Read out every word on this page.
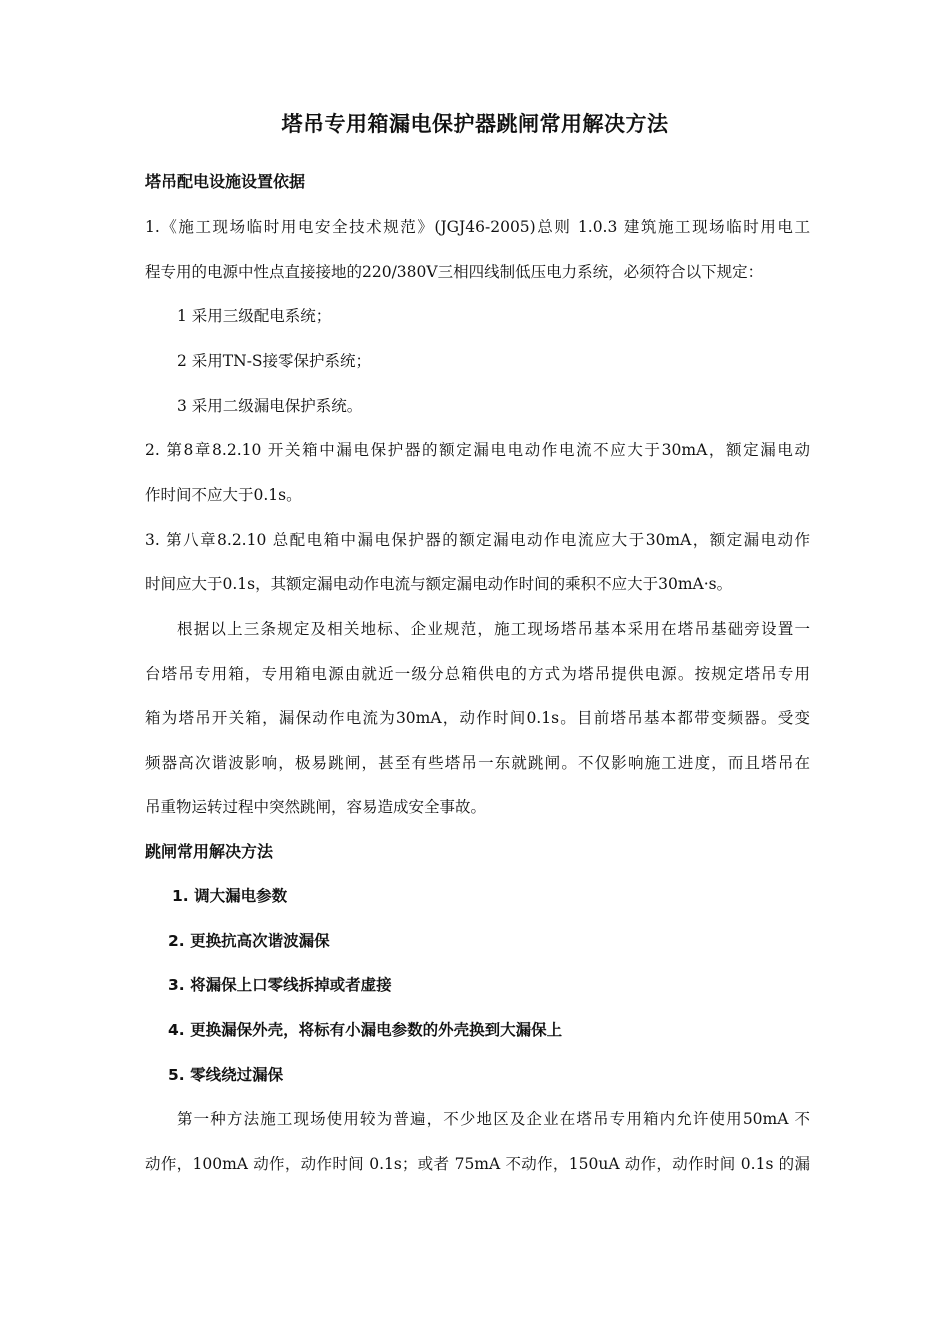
塔吊专用箱漏电保护器跳闸常用解决方法
塔吊配电设施设置依据
1.《施工现场临时用电安全技术规范》(JGJ46-2005)总则 1.0.3 建筑施工现场临时用电工
程专用的电源中性点直接接地的220/380V三相四线制低压电力系统，必须符合以下规定：
1 采用三级配电系统；
2 采用TN-S接零保护系统；
3 采用二级漏电保护系统。
2. 第8章8.2.10 开关箱中漏电保护器的额定漏电电动作电流不应大于30mA，额定漏电动
作时间不应大于0.1s。
3. 第八章8.2.10 总配电箱中漏电保护器的额定漏电动作电流应大于30mA，额定漏电动作
时间应大于0.1s，其额定漏电动作电流与额定漏电动作时间的乘积不应大于30mA·s。
根据以上三条规定及相关地标、企业规范，施工现场塔吊基本采用在塔吊基础旁设置一
台塔吊专用箱，专用箱电源由就近一级分总箱供电的方式为塔吊提供电源。按规定塔吊专用
箱为塔吊开关箱，漏保动作电流为30mA，动作时间0.1s。目前塔吊基本都带变频器。受变
频器高次谐波影响，极易跳闸，甚至有些塔吊一东就跳闸。不仅影响施工进度，而且塔吊在
吊重物运转过程中突然跳闸，容易造成安全事故。
跳闸常用解决方法
1. 调大漏电参数
2. 更换抗高次谐波漏保
3. 将漏保上口零线拆掉或者虚接
4. 更换漏保外壳，将标有小漏电参数的外壳换到大漏保上
5. 零线绕过漏保
第一种方法施工现场使用较为普遍，不少地区及企业在塔吊专用箱内允许使用50mA 不
动作，100mA 动作，动作时间 0.1s；或者 75mA 不动作，150uA 动作，动作时间 0.1s 的漏
